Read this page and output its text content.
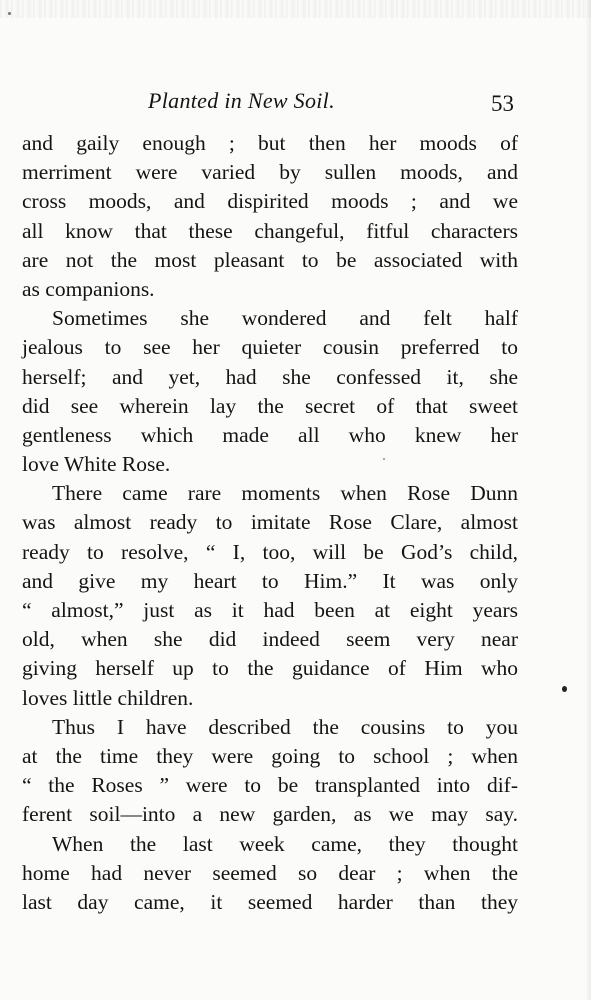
Planted in New Soil.	53
and gaily enough ; but then her moods of
merriment were varied by sullen moods, and
cross moods, and dispirited moods ; and we
all know that these changeful, fitful characters
are not the most pleasant to be associated with
as companions.
Sometimes she wondered and felt half
jealous to see her quieter cousin preferred to
herself; and yet, had she confessed it, she
did see wherein lay the secret of that sweet
gentleness which made all who knew her
love White Rose.
There came rare moments when Rose Dunn
was almost ready to imitate Rose Clare, almost
ready to resolve, “ I, too, will be God’s child,
and give my heart to Him.” It was only
“ almost,” just as it had been at eight years
old, when she did indeed seem very near
giving herself up to the guidance of Him who
loves little children.
Thus I have described the cousins to you
at the time they were going to school ; when
“ the Roses ” were to be transplanted into dif-
ferent soil—into a new garden, as we may say.
When the last week came, they thought
home had never seemed so dear ; when the
last day came, it seemed harder than they
